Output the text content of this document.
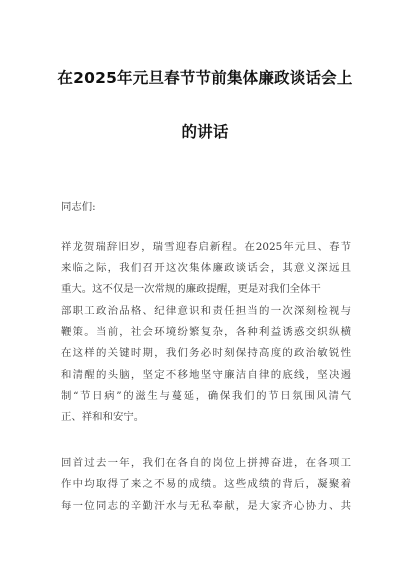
在2025年元旦春节节前集体廉政谈话会上
的讲话
同志们:
祥龙贺瑞辞旧岁，瑞雪迎春启新程。在2025年元旦、春节
来临之际，我们召开这次集体廉政谈话会，其意义深远且
重大。这不仅是一次常规的廉政提醒，更是对我们全体干
部职工政治品格、纪律意识和责任担当的一次深刻检视与
鞭策。当前，社会环境纷繁复杂，各种利益诱惑交织纵横
在这样的关键时期，我们务必时刻保持高度的政治敏锐性
和清醒的头脑，坚定不移地坚守廉洁自律的底线，坚决遏
制“节日病”的滋生与蔓延，确保我们的节日氛围风清气
正、祥和和安宁。
回首过去一年，我们在各自的岗位上拼搏奋进，在各项工
作中均取得了来之不易的成绩。这些成绩的背后，凝聚着
每一位同志的辛勤汗水与无私奉献，是大家齐心协力、共
